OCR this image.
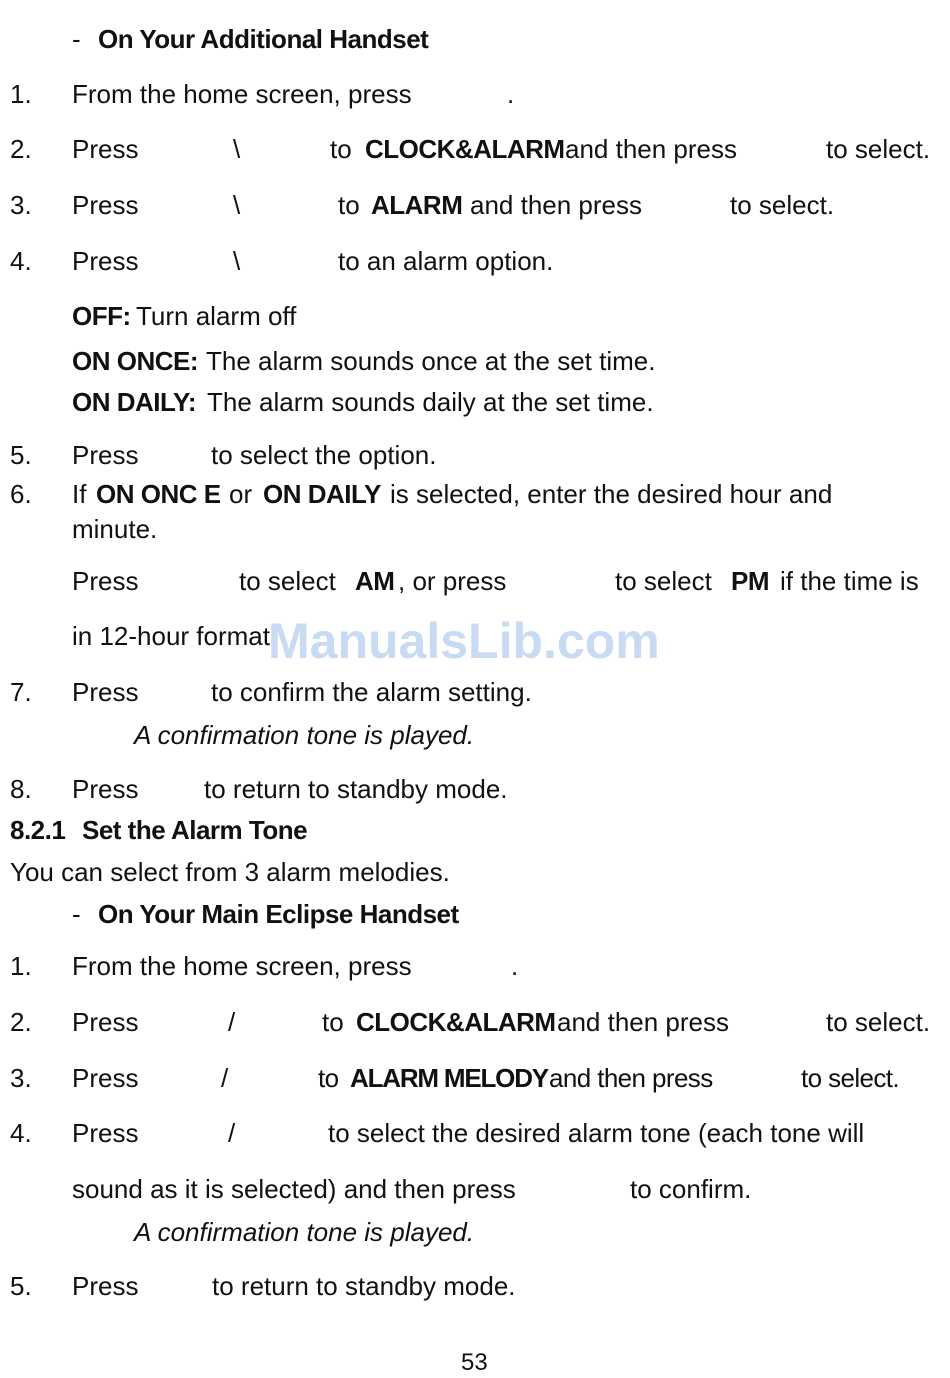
- On Your Additional Handset
1. From the home screen, press	.
2. Press	\	to CLOCK&ALARM and then press	to select.
3. Press	\	to ALARM and then press	to select.
4. Press	\	to an alarm option.
OFF: Turn alarm off
ON ONCE: The alarm sounds once at the set time.
ON DAILY: The alarm sounds daily at the set time.
5. Press	to select the option.
6. If ON ONC E or ON DAILY is selected, enter the desired hour and
minute.
Press	to select AM , or press	to select PM if the time is
in 12-hour format.
ManualsLib.com
7. Press	to confirm the alarm setting.
A confirmation tone is played.
8. Press	to return to standby mode.
8.2.1 Set the Alarm Tone
You can select from 3 alarm melodies.
- On Your Main Eclipse Handset
1. From the home screen, press	.
2. Press	/	to CLOCK&ALARM and then press	to select.
3. Press	/	to ALARM MELODY and then press	to select.
4. Press	/	to select the desired alarm tone (each tone will
sound as it is selected) and then press	to confirm.
A confirmation tone is played.
5. Press	to return to standby mode.
53
